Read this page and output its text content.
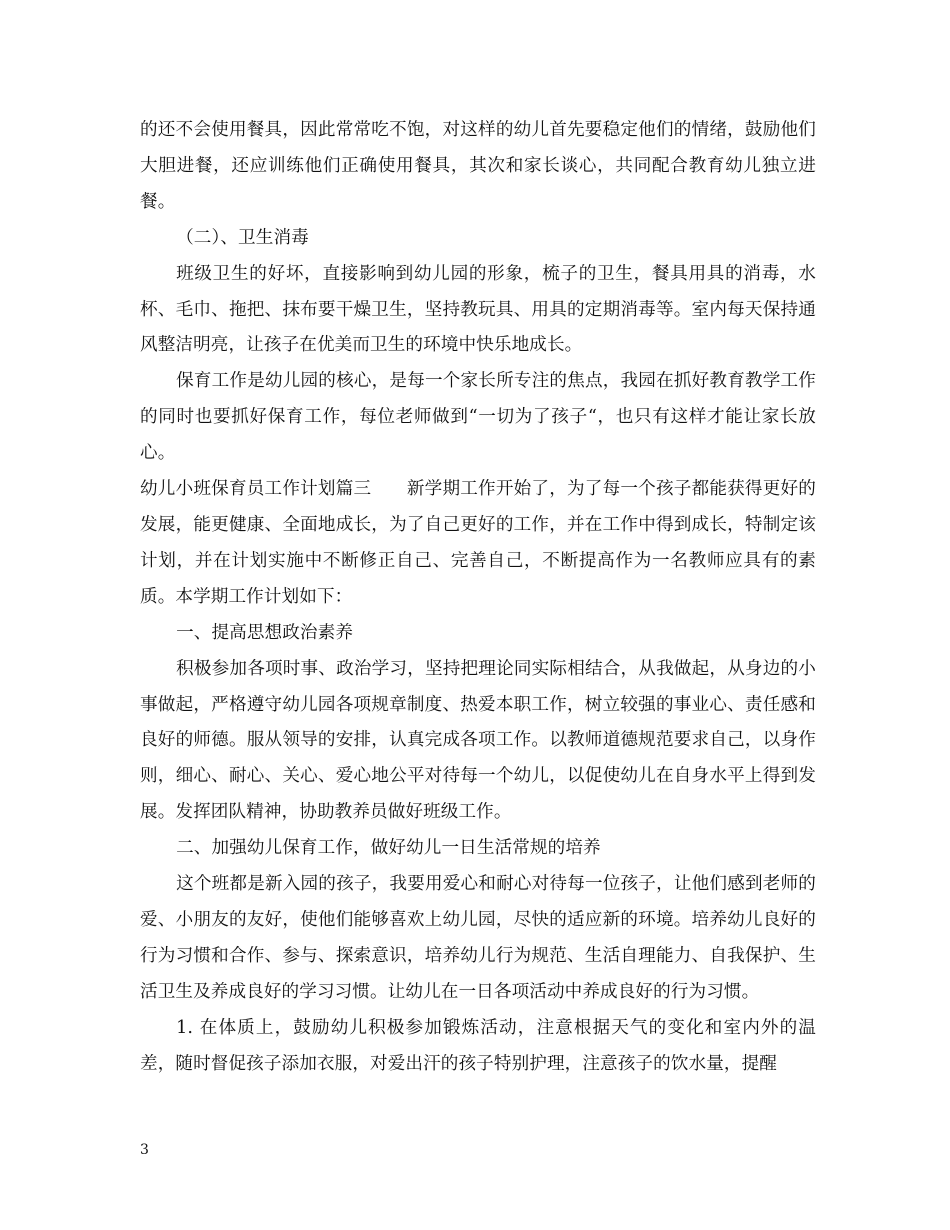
的还不会使用餐具，因此常常吃不饱，对这样的幼儿首先要稳定他们的情绪，鼓励他们大胆进餐，还应训练他们正确使用餐具，其次和家长谈心，共同配合教育幼儿独立进餐。

（二）、卫生消毒

班级卫生的好坏，直接影响到幼儿园的形象，梳子的卫生，餐具用具的消毒，水杯、毛巾、拖把、抹布要干燥卫生，坚持教玩具、用具的定期消毒等。室内每天保持通风整洁明亮，让孩子在优美而卫生的环境中快乐地成长。

保育工作是幼儿园的核心，是每一个家长所专注的焦点，我园在抓好教育教学工作的同时也要抓好保育工作，每位老师做到“一切为了孩子“，也只有这样才能让家长放心。

幼儿小班保育员工作计划篇三　　新学期工作开始了，为了每一个孩子都能获得更好的发展，能更健康、全面地成长，为了自己更好的工作，并在工作中得到成长，特制定该计划，并在计划实施中不断修正自己、完善自己，不断提高作为一名教师应具有的素质。本学期工作计划如下：

一、提高思想政治素养

积极参加各项时事、政治学习，坚持把理论同实际相结合，从我做起，从身边的小事做起，严格遵守幼儿园各项规章制度、热爱本职工作，树立较强的事业心、责任感和良好的师德。服从领导的安排，认真完成各项工作。以教师道德规范要求自己，以身作则，细心、耐心、关心、爱心地公平对待每一个幼儿，以促使幼儿在自身水平上得到发展。发挥团队精神，协助教养员做好班级工作。

二、加强幼儿保育工作，做好幼儿一日生活常规的培养

这个班都是新入园的孩子，我要用爱心和耐心对待每一位孩子，让他们感到老师的爱、小朋友的友好，使他们能够喜欢上幼儿园，尽快的适应新的环境。培养幼儿良好的行为习惯和合作、参与、探索意识，培养幼儿行为规范、生活自理能力、自我保护、生活卫生及养成良好的学习习惯。让幼儿在一日各项活动中养成良好的行为习惯。

1. 在体质上，鼓励幼儿积极参加锻炼活动，注意根据天气的变化和室内外的温差，随时督促孩子添加衣服，对爱出汗的孩子特别护理，注意孩子的饮水量，提醒

3
